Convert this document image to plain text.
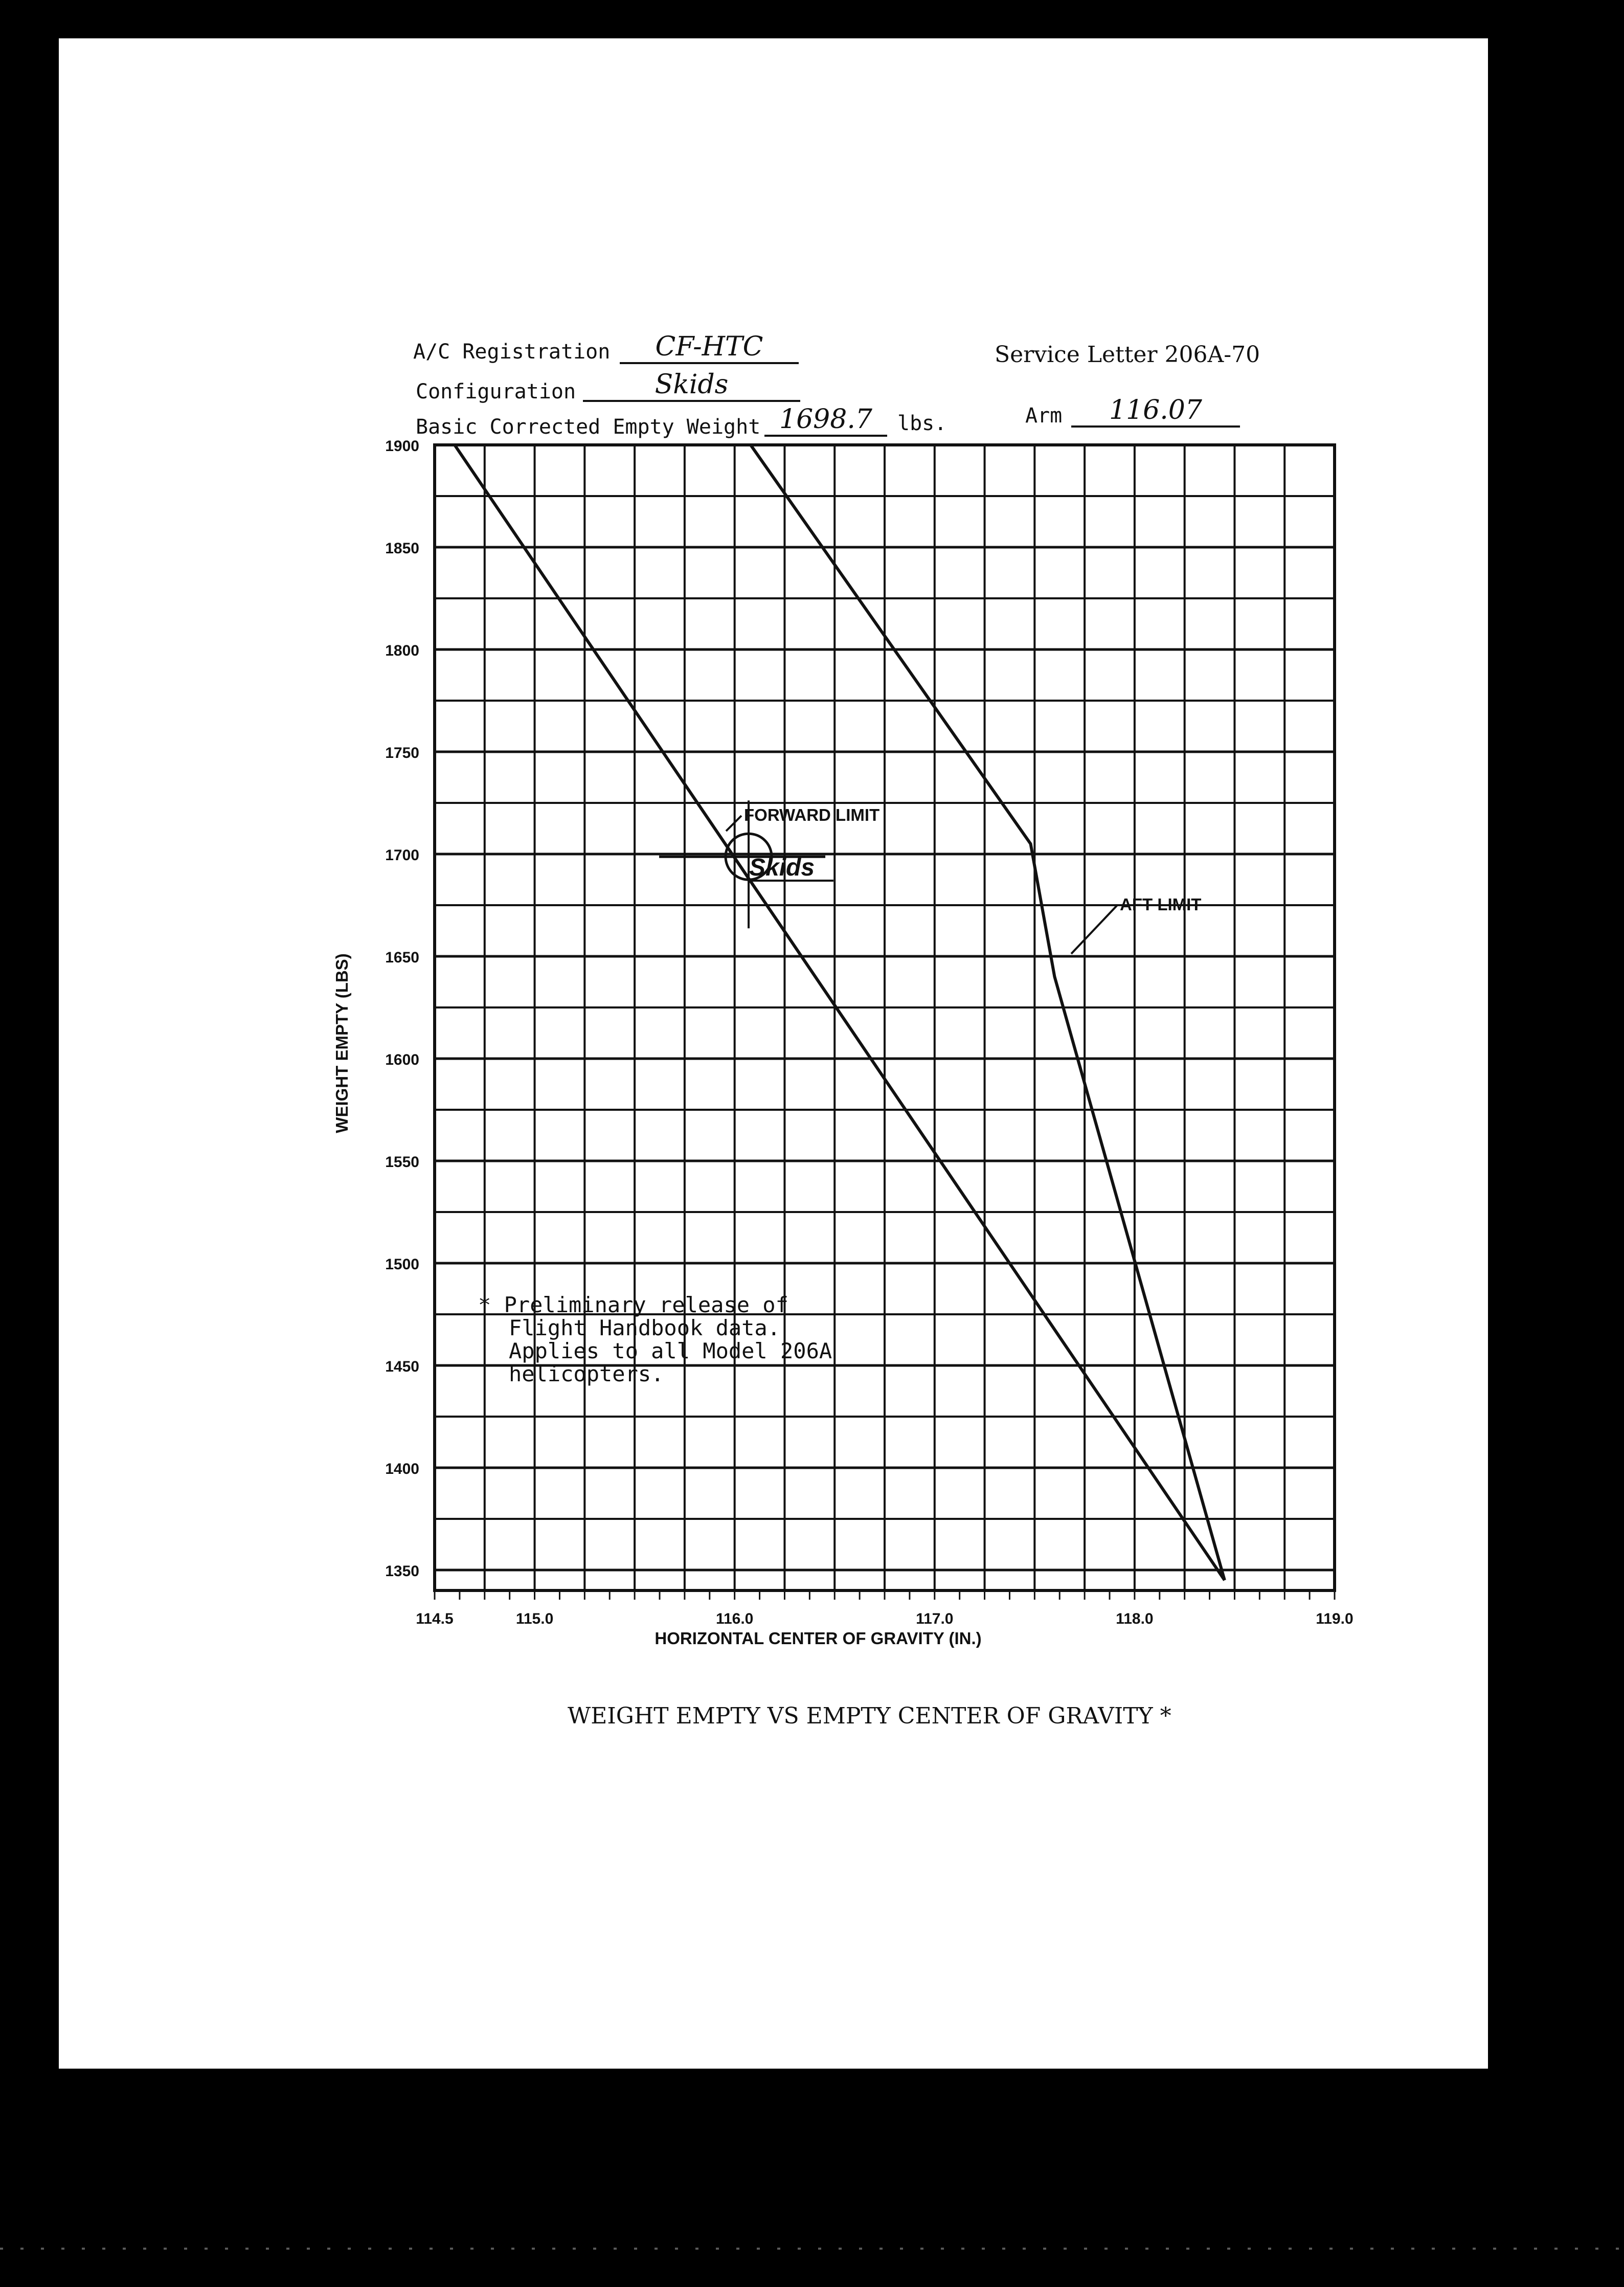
A/C Registration	CF-HTC	Service Letter 206A-70
Configuration	Skids
Basic Corrected Empty Weight 1698.7	lbs.	Arm	116.07
1350
1400
1450
1500
1550
1600
1650
1700
1750
1800
1850
1900
114.5	115.0	116.0	117.0	118.0	119.0
HORIZONTAL CENTER OF GRAVITY (IN.)
WEIGHT EMPTY (LBS)
FORWARD LIMIT
AFT LIMIT
Skids
* Preliminary release of
Flight Handbook data.
Applies to all Model 206A
helicopters.
WEIGHT EMPTY VS EMPTY CENTER OF GRAVITY *
